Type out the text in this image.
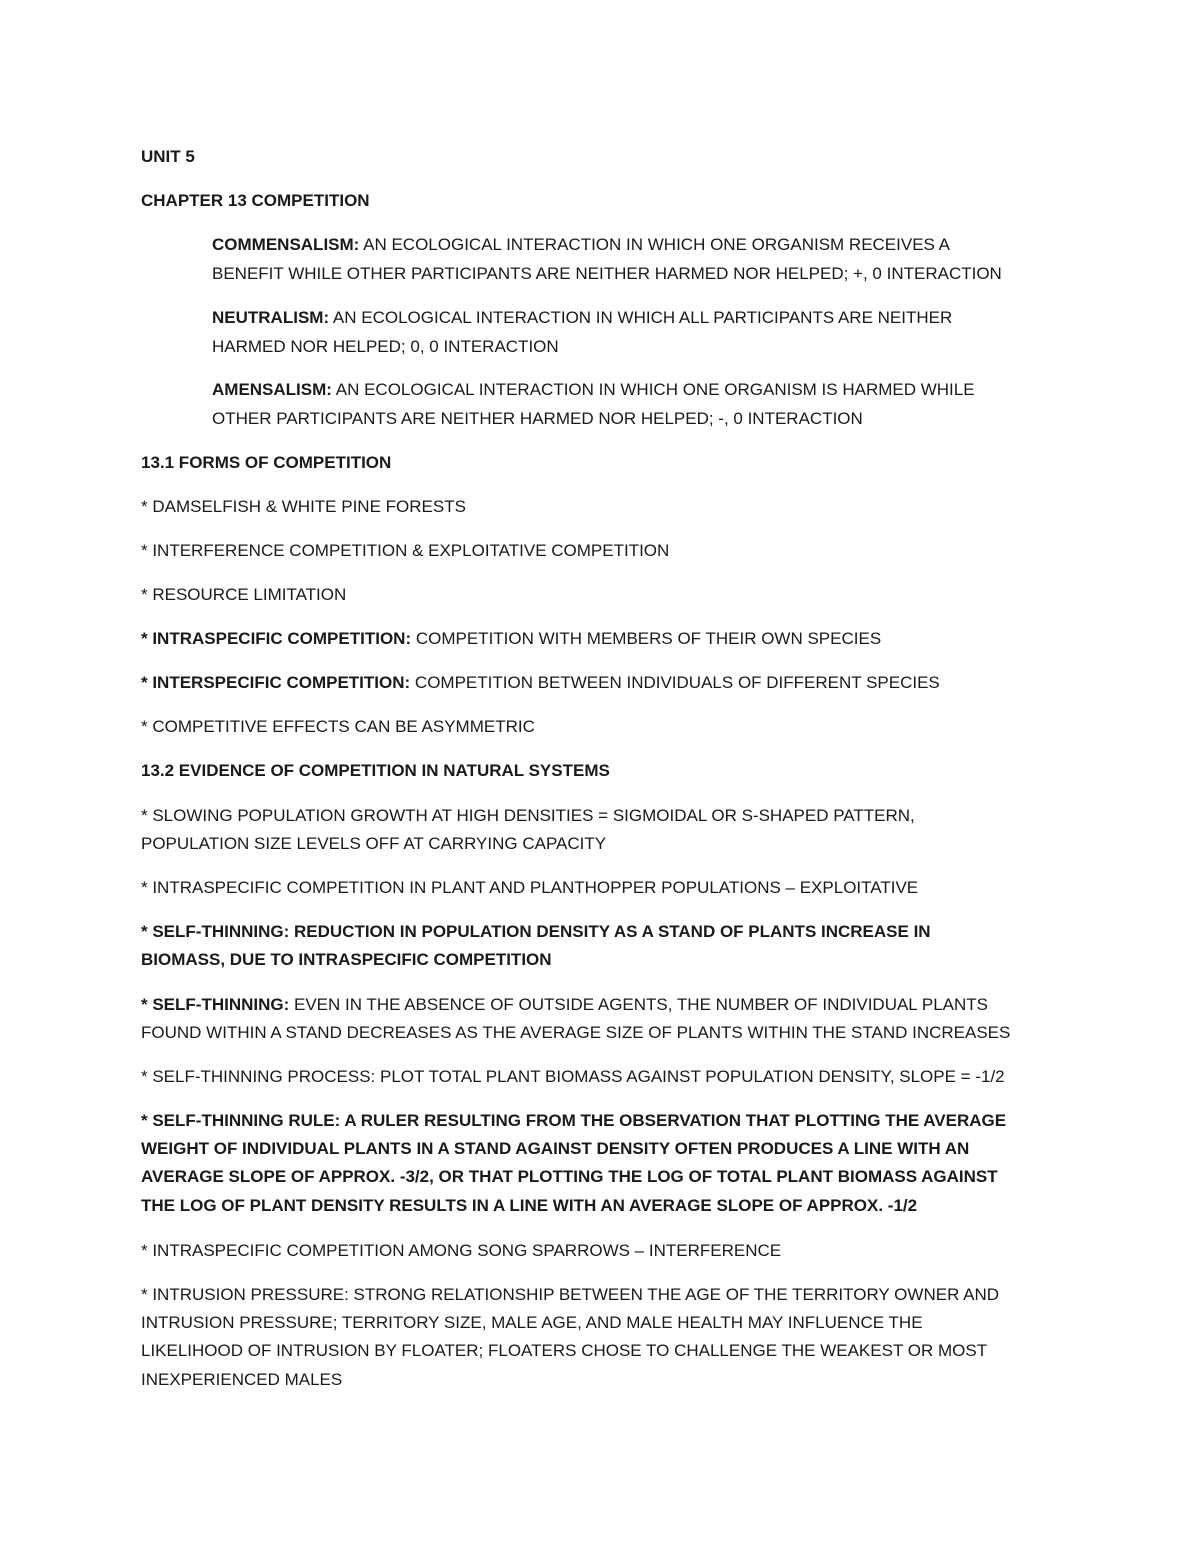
UNIT 5
CHAPTER 13 COMPETITION
COMMENSALISM: AN ECOLOGICAL INTERACTION IN WHICH ONE ORGANISM RECEIVES A
BENEFIT WHILE OTHER PARTICIPANTS ARE NEITHER HARMED NOR HELPED; +, 0 INTERACTION
NEUTRALISM: AN ECOLOGICAL INTERACTION IN WHICH ALL PARTICIPANTS ARE NEITHER
HARMED NOR HELPED; 0, 0 INTERACTION
AMENSALISM: AN ECOLOGICAL INTERACTION IN WHICH ONE ORGANISM IS HARMED WHILE
OTHER PARTICIPANTS ARE NEITHER HARMED NOR HELPED; -, 0 INTERACTION
13.1 FORMS OF COMPETITION
* DAMSELFISH & WHITE PINE FORESTS
* INTERFERENCE COMPETITION & EXPLOITATIVE COMPETITION
* RESOURCE LIMITATION
* INTRASPECIFIC COMPETITION: COMPETITION WITH MEMBERS OF THEIR OWN SPECIES
* INTERSPECIFIC COMPETITION: COMPETITION BETWEEN INDIVIDUALS OF DIFFERENT SPECIES
* COMPETITIVE EFFECTS CAN BE ASYMMETRIC
13.2 EVIDENCE OF COMPETITION IN NATURAL SYSTEMS
* SLOWING POPULATION GROWTH AT HIGH DENSITIES = SIGMOIDAL OR S-SHAPED PATTERN,
POPULATION SIZE LEVELS OFF AT CARRYING CAPACITY
* INTRASPECIFIC COMPETITION IN PLANT AND PLANTHOPPER POPULATIONS – EXPLOITATIVE
* SELF-THINNING: REDUCTION IN POPULATION DENSITY AS A STAND OF PLANTS INCREASE IN
BIOMASS, DUE TO INTRASPECIFIC COMPETITION
* SELF-THINNING: EVEN IN THE ABSENCE OF OUTSIDE AGENTS, THE NUMBER OF INDIVIDUAL PLANTS
FOUND WITHIN A STAND DECREASES AS THE AVERAGE SIZE OF PLANTS WITHIN THE STAND INCREASES
* SELF-THINNING PROCESS: PLOT TOTAL PLANT BIOMASS AGAINST POPULATION DENSITY, SLOPE = -1/2
* SELF-THINNING RULE: A RULER RESULTING FROM THE OBSERVATION THAT PLOTTING THE AVERAGE
WEIGHT OF INDIVIDUAL PLANTS IN A STAND AGAINST DENSITY OFTEN PRODUCES A LINE WITH AN
AVERAGE SLOPE OF APPROX. -3/2, OR THAT PLOTTING THE LOG OF TOTAL PLANT BIOMASS AGAINST
THE LOG OF PLANT DENSITY RESULTS IN A LINE WITH AN AVERAGE SLOPE OF APPROX. -1/2
* INTRASPECIFIC COMPETITION AMONG SONG SPARROWS – INTERFERENCE
* INTRUSION PRESSURE: STRONG RELATIONSHIP BETWEEN THE AGE OF THE TERRITORY OWNER AND
INTRUSION PRESSURE; TERRITORY SIZE, MALE AGE, AND MALE HEALTH MAY INFLUENCE THE
LIKELIHOOD OF INTRUSION BY FLOATER; FLOATERS CHOSE TO CHALLENGE THE WEAKEST OR MOST
INEXPERIENCED MALES
